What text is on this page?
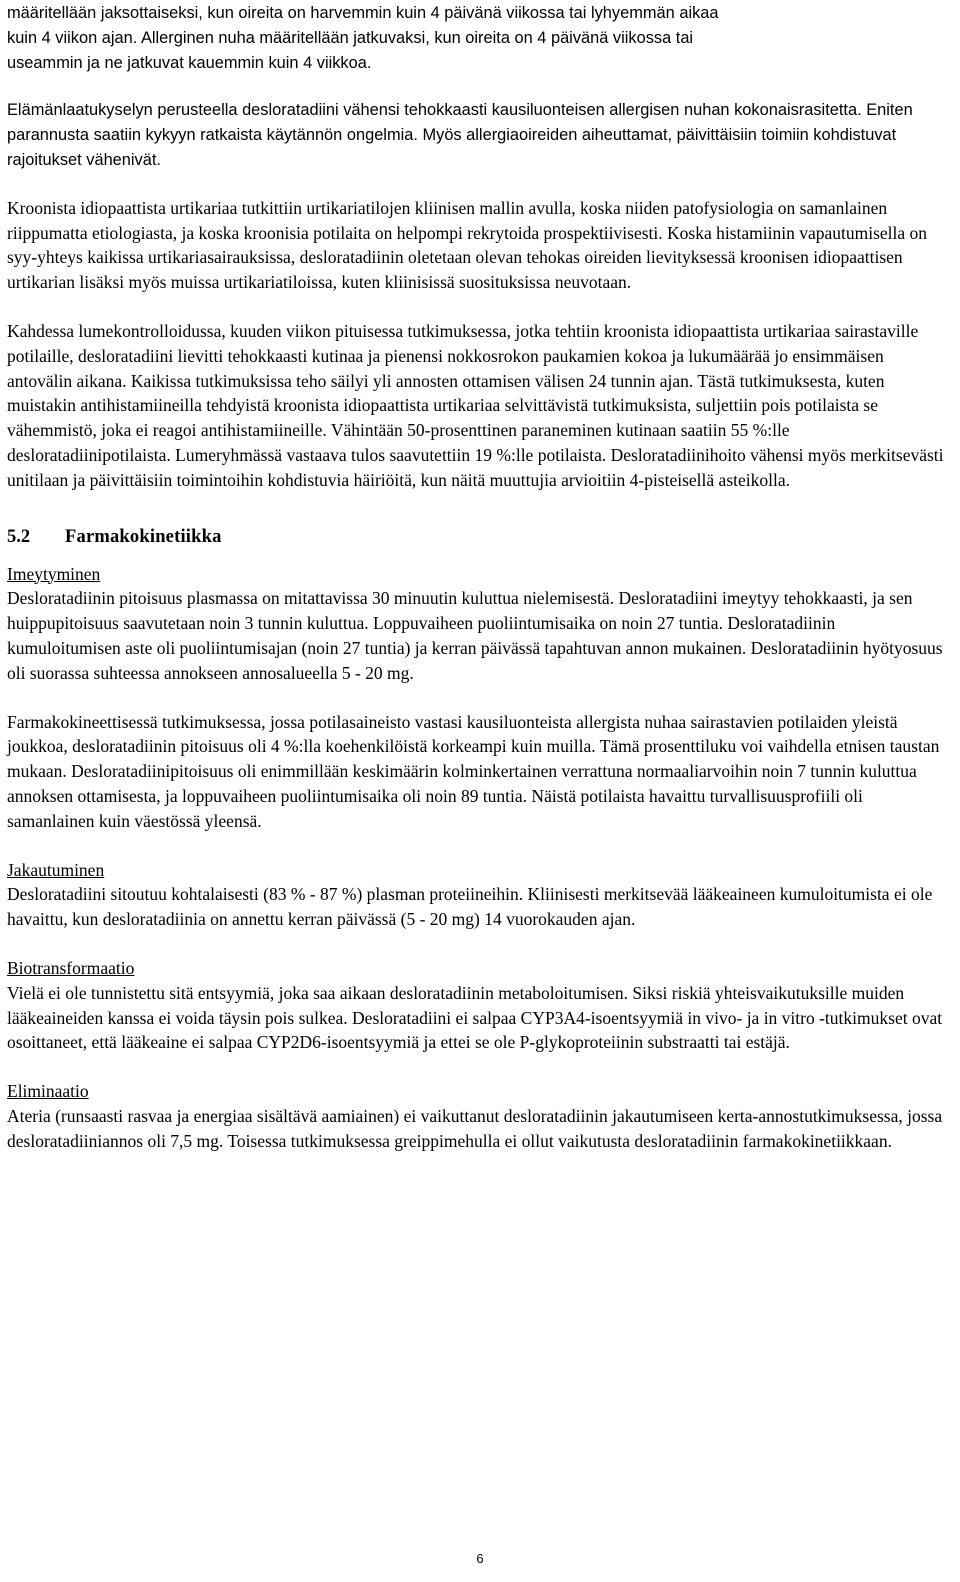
määritellään jaksottaiseksi, kun oireita on harvemmin kuin 4 päivänä viikossa tai lyhyemmän aikaa
kuin 4 viikon ajan. Allerginen nuha määritellään jatkuvaksi, kun oireita on 4 päivänä viikossa tai
useammin ja ne jatkuvat kauemmin kuin 4 viikkoa.

Elämänlaatukyselyn perusteella desloratadiini vähensi tehokkaasti kausiluonteisen allergisen nuhan kokonaisrasitetta. Eniten parannusta saatiin kykyyn ratkaista käytännön ongelmia. Myös allergiaoireiden aiheuttamat, päivittäisiin toimiin kohdistuvat rajoitukset vähenivät.

Kroonista idiopaattista urtikariaa tutkittiin urtikariatilojen kliinisen mallin avulla, koska niiden patofysiologia on samanlainen riippumatta etiologiasta, ja koska kroonisia potilaita on helpompi rekrytoida prospektiivisesti. Koska histamiinin vapautumisella on syy-yhteys kaikissa urtikariasairauksissa, desloratadiinin oletetaan olevan tehokas oireiden lievityksessä kroonisen idiopaattisen urtikarian lisäksi myös muissa urtikariatiloissa, kuten kliinisissä suosituksissa neuvotaan.

Kahdessa lumekontrolloidussa, kuuden viikon pituisessa tutkimuksessa, jotka tehtiin kroonista idiopaattista urtikariaa sairastaville potilaille, desloratadiini lievitti tehokkaasti kutinaa ja pienensi nokkosrokon paukamien kokoa ja lukumäärää jo ensimmäisen antovälin aikana. Kaikissa tutkimuksissa teho säilyi yli annosten ottamisen välisen 24 tunnin ajan. Tästä tutkimuksesta, kuten muistakin antihistamiineilla tehdyistä kroonista idiopaattista urtikariaa selvittävistä tutkimuksista, suljettiin pois potilaista se vähemmistö, joka ei reagoi antihistamiineille. Vähintään 50-prosenttinen paraneminen kutinaan saatiin 55 %:lle desloratadiinipotilaista. Lumeryhmässä vastaava tulos saavutettiin 19 %:lle potilaista. Desloratadiinihoito vähensi myös merkitsevästi unitilaan ja päivittäisiin toimintoihin kohdistuvia häiriöitä, kun näitä muuttujia arvioitiin 4-pisteisellä asteikolla.

5.2 Farmakokinetiikka
Imeytyminen

Desloratadiinin pitoisuus plasmassa on mitattavissa 30 minuutin kuluttua nielemisestä. Desloratadiini imeytyy tehokkaasti, ja sen huippupitoisuus saavutetaan noin 3 tunnin kuluttua. Loppuvaiheen puoliintumisaika on noin 27 tuntia. Desloratadiinin kumuloitumisen aste oli puoliintumisajan (noin 27 tuntia) ja kerran päivässä tapahtuvan annon mukainen. Desloratadiinin hyötyosuus oli suorassa suhteessa annokseen annosalueella 5 - 20 mg.

Farmakokineettisessä tutkimuksessa, jossa potilasaineisto vastasi kausiluonteista allergista nuhaa sairastavien potilaiden yleistä joukkoa, desloratadiinin pitoisuus oli 4 %:lla koehenkilöistä korkeampi kuin muilla. Tämä prosenttiluku voi vaihdella etnisen taustan mukaan. Desloratadiinipitoisuus oli enimmillään keskimäärin kolminkertainen verrattuna normaaliarvoihin noin 7 tunnin kuluttua annoksen ottamisesta, ja loppuvaiheen puoliintumisaika oli noin 89 tuntia. Näistä potilaista havaittu turvallisuusprofiili oli samanlainen kuin väestössä yleensä.

Jakautuminen

Desloratadiini sitoutuu kohtalaisesti (83 % - 87 %) plasman proteiineihin. Kliinisesti merkitsevää lääkeaineen kumuloitumista ei ole havaittu, kun desloratadiinia on annettu kerran päivässä (5 - 20 mg) 14 vuorokauden ajan.

Biotransformaatio

Vielä ei ole tunnistettu sitä entsyymiä, joka saa aikaan desloratadiinin metaboloitumisen. Siksi riskiä yhteisvaikutuksille muiden lääkeaineiden kanssa ei voida täysin pois sulkea. Desloratadiini ei salpaa CYP3A4-isoentsyymiä in vivo- ja in vitro -tutkimukset ovat osoittaneet, että lääkeaine ei salpaa CYP2D6-isoentsyymiä ja ettei se ole P-glykoproteiinin substraatti tai estäjä.

Eliminaatio

Ateria (runsaasti rasvaa ja energiaa sisältävä aamiainen) ei vaikuttanut desloratadiinin jakautumiseen kerta-annostutkimuksessa, jossa desloratadiiniannos oli 7,5 mg. Toisessa tutkimuksessa greippimehulla ei ollut vaikutusta desloratadiinin farmakokinetiikkaan.

6
